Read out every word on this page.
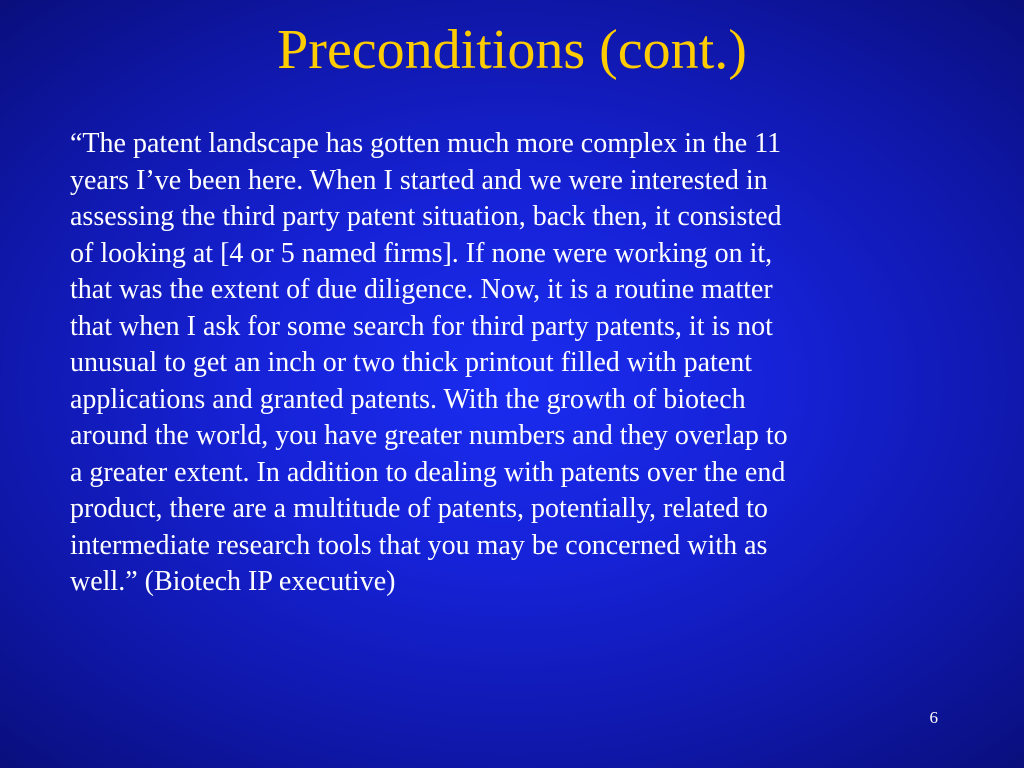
Preconditions (cont.)

“The patent landscape has gotten much more complex in the 11
years I’ve been here. When I started and we were interested in
assessing the third party patent situation, back then, it consisted
of looking at [4 or 5 named firms]. If none were working on it,
that was the extent of due diligence. Now, it is a routine matter
that when I ask for some search for third party patents, it is not
unusual to get an inch or two thick printout filled with patent
applications and granted patents. With the growth of biotech
around the world, you have greater numbers and they overlap to
a greater extent. In addition to dealing with patents over the end
product, there are a multitude of patents, potentially, related to
intermediate research tools that you may be concerned with as
well.” (Biotech IP executive)

6
